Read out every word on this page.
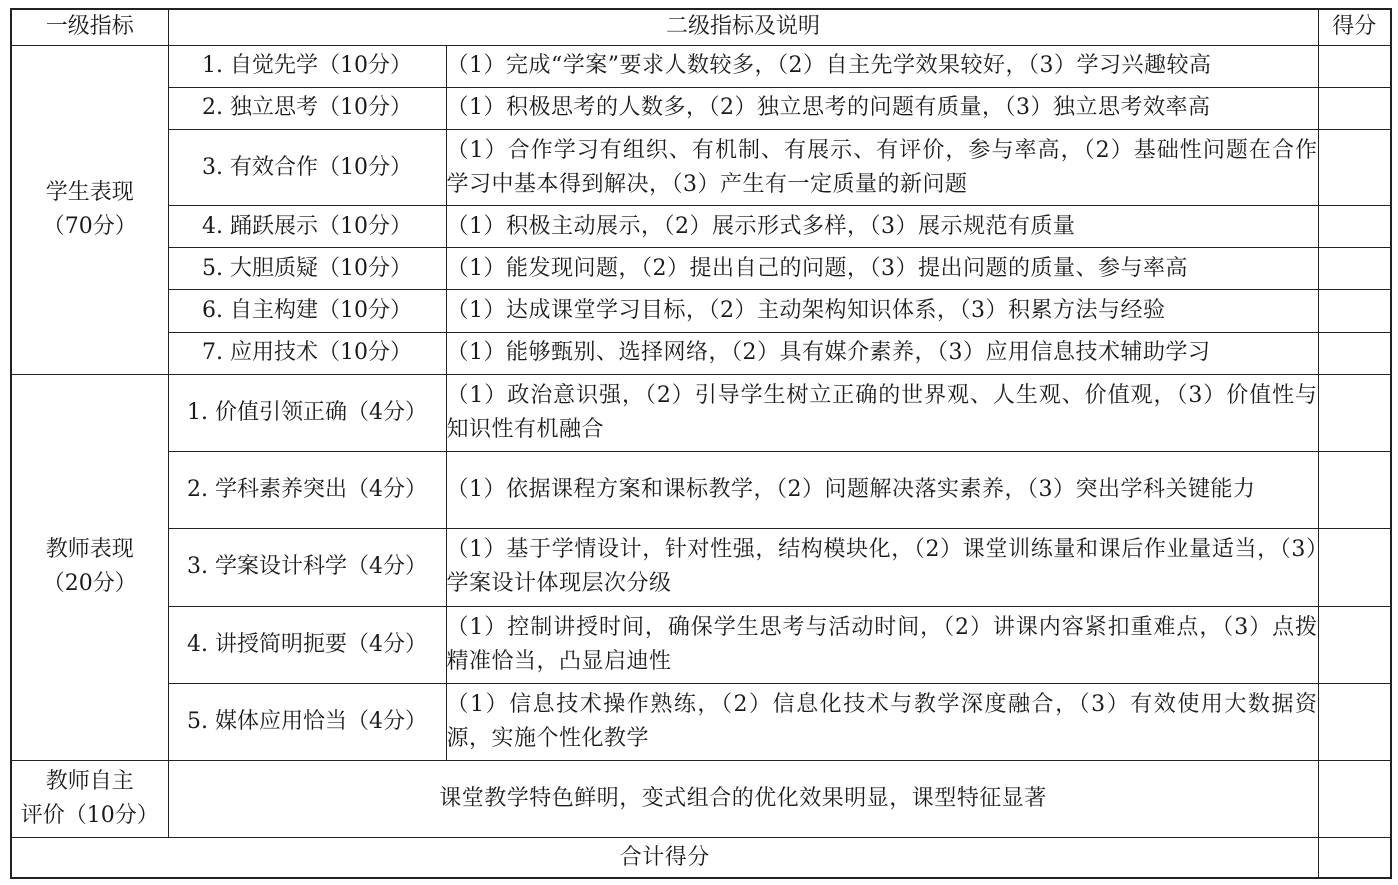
一级指标	二级指标及说明		得分

学生表现
（70分）	1. 自觉先学（10分）	（1）完成“学案”要求人数较多，（2）自主先学效果较好，（3）学习兴趣较高	
	2. 独立思考（10分）	（1）积极思考的人数多，（2）独立思考的问题有质量，（3）独立思考效率高	
	3. 有效合作（10分）	（1）合作学习有组织、有机制、有展示、有评价，参与率高，（2）基础性问题在合作学习中基本得到解决，（3）产生有一定质量的新问题	
	4. 踊跃展示（10分）	（1）积极主动展示，（2）展示形式多样，（3）展示规范有质量	
	5. 大胆质疑（10分）	（1）能发现问题，（2）提出自己的问题，（3）提出问题的质量、参与率高	
	6. 自主构建（10分）	（1）达成课堂学习目标，（2）主动架构知识体系，（3）积累方法与经验	
	7. 应用技术（10分）	（1）能够甄别、选择网络，（2）具有媒介素养，（3）应用信息技术辅助学习	

教师表现
（20分）	1. 价值引领正确（4分）	（1）政治意识强，（2）引导学生树立正确的世界观、人生观、价值观，（3）价值性与知识性有机融合	
	2. 学科素养突出（4分）	（1）依据课程方案和课标教学，（2）问题解决落实素养，（3）突出学科关键能力	
	3. 学案设计科学（4分）	（1）基于学情设计，针对性强，结构模块化，（2）课堂训练量和课后作业量适当，（3）学案设计体现层次分级	
	4. 讲授简明扼要（4分）	（1）控制讲授时间，确保学生思考与活动时间，（2）讲课内容紧扣重难点，（3）点拨精准恰当，凸显启迪性	
	5. 媒体应用恰当（4分）	（1）信息技术操作熟练，（2）信息化技术与教学深度融合，（3）有效使用大数据资源，实施个性化教学	

教师自主
评价（10分）	课堂教学特色鲜明，变式组合的优化效果明显，课型特征显著		
合计得分			
